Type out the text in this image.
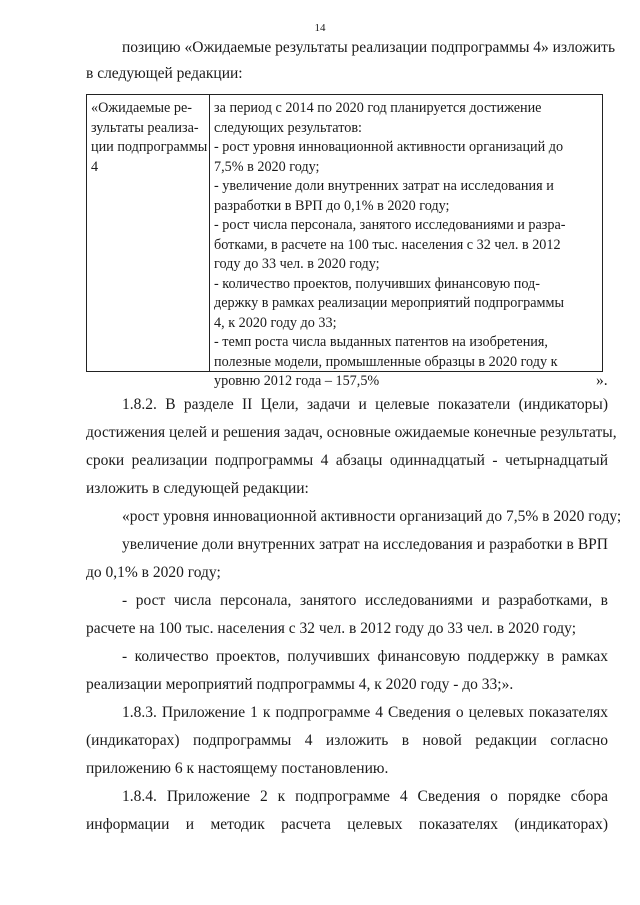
14
позицию «Ожидаемые результаты реализации подпрограммы 4» изложить
в следующей редакции:
«Ожидаемые ре-
зультаты реализа-
ции подпрограммы
4
за период с 2014 по 2020 год планируется достижение
следующих результатов:
- рост уровня инновационной активности организаций до
7,5% в 2020 году;
- увеличение доли внутренних затрат на исследования и
разработки в ВРП до 0,1% в 2020 году;
- рост числа персонала, занятого исследованиями и разра-
ботками, в расчете на 100 тыс. населения с 32 чел. в 2012
году до 33 чел. в 2020 году;
- количество проектов, получивших финансовую под-
держку в рамках реализации мероприятий подпрограммы
4, к 2020 году до 33;
- темп роста числа выданных патентов на изобретения,
полезные модели, промышленные образцы в 2020 году к
уровню 2012 года – 157,5%	».
1.8.2. В разделе II Цели, задачи и целевые показатели (индикаторы)
достижения целей и решения задач, основные ожидаемые конечные результаты,
сроки реализации подпрограммы 4 абзацы одиннадцатый - четырнадцатый
изложить в следующей редакции:
«рост уровня инновационной активности организаций до 7,5% в 2020 году;
увеличение доли внутренних затрат на исследования и разработки в ВРП
до 0,1% в 2020 году;
- рост числа персонала, занятого исследованиями и разработками, в
расчете на 100 тыс. населения с 32 чел. в 2012 году до 33 чел. в 2020 году;
- количество проектов, получивших финансовую поддержку в рамках
реализации мероприятий подпрограммы 4, к 2020 году - до 33;».
1.8.3. Приложение 1 к подпрограмме 4 Сведения о целевых показателях
(индикаторах) подпрограммы 4 изложить в новой редакции согласно
приложению 6 к настоящему постановлению.
1.8.4. Приложение 2 к подпрограмме 4 Сведения о порядке сбора
информации и методик расчета целевых показателях (индикаторах)
